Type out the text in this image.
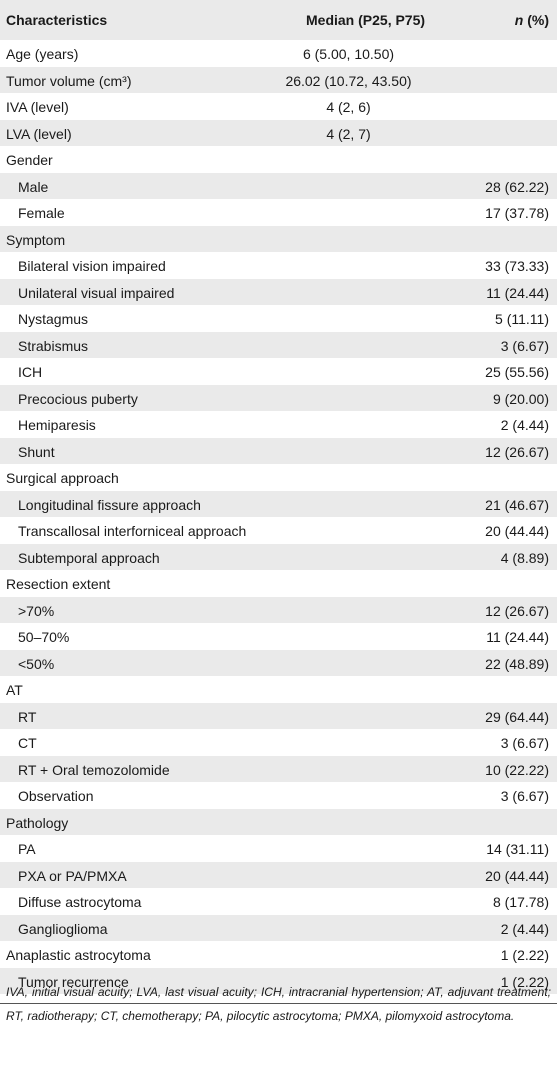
Characteristics	Median (P25, P75)	n (%)
Age (years)	6 (5.00, 10.50)
Tumor volume (cm³)	26.02 (10.72, 43.50)
IVA (level)	4 (2, 6)
LVA (level)	4 (2, 7)
Gender
Male	28 (62.22)
Female	17 (37.78)
Symptom
Bilateral vision impaired	33 (73.33)
Unilateral visual impaired	11 (24.44)
Nystagmus	5 (11.11)
Strabismus	3 (6.67)
ICH	25 (55.56)
Precocious puberty	9 (20.00)
Hemiparesis	2 (4.44)
Shunt	12 (26.67)
Surgical approach
Longitudinal fissure approach	21 (46.67)
Transcallosal interforniceal approach	20 (44.44)
Subtemporal approach	4 (8.89)
Resection extent
>70%	12 (26.67)
50–70%	11 (24.44)
<50%	22 (48.89)
AT
RT	29 (64.44)
CT	3 (6.67)
RT + Oral temozolomide	10 (22.22)
Observation	3 (6.67)
Pathology
PA	14 (31.11)
PXA or PA/PMXA	20 (44.44)
Diffuse astrocytoma	8 (17.78)
Ganglioglioma	2 (4.44)
Anaplastic astrocytoma	1 (2.22)
Tumor recurrence	1 (2.22)
IVA, initial visual acuity; LVA, last visual acuity; ICH, intracranial hypertension; AT, adjuvant treatment; RT, radiotherapy; CT, chemotherapy; PA, pilocytic astrocytoma; PMXA, pilomyxoid astrocytoma.
